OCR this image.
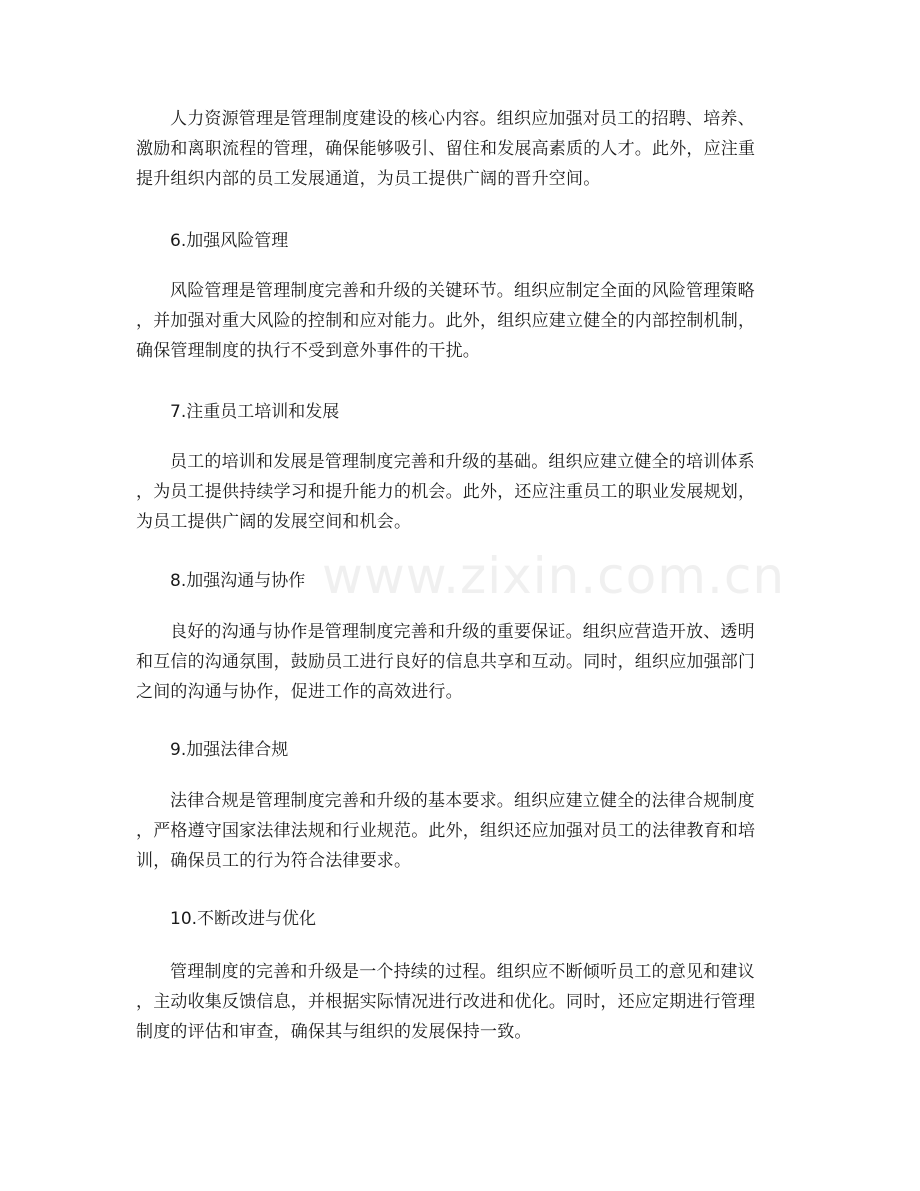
人力资源管理是管理制度建设的核心内容。组织应加强对员工的招聘、培养、
激励和离职流程的管理，确保能够吸引、留住和发展高素质的人才。此外，应注重
提升组织内部的员工发展通道，为员工提供广阔的晋升空间。

6.加强风险管理

风险管理是管理制度完善和升级的关键环节。组织应制定全面的风险管理策略
，并加强对重大风险的控制和应对能力。此外，组织应建立健全的内部控制机制，
确保管理制度的执行不受到意外事件的干扰。

7.注重员工培训和发展

员工的培训和发展是管理制度完善和升级的基础。组织应建立健全的培训体系
，为员工提供持续学习和提升能力的机会。此外，还应注重员工的职业发展规划，
为员工提供广阔的发展空间和机会。

8.加强沟通与协作

良好的沟通与协作是管理制度完善和升级的重要保证。组织应营造开放、透明
和互信的沟通氛围，鼓励员工进行良好的信息共享和互动。同时，组织应加强部门
之间的沟通与协作，促进工作的高效进行。

9.加强法律合规

法律合规是管理制度完善和升级的基本要求。组织应建立健全的法律合规制度
，严格遵守国家法律法规和行业规范。此外，组织还应加强对员工的法律教育和培
训，确保员工的行为符合法律要求。

10.不断改进与优化

管理制度的完善和升级是一个持续的过程。组织应不断倾听员工的意见和建议
，主动收集反馈信息，并根据实际情况进行改进和优化。同时，还应定期进行管理
制度的评估和审查，确保其与组织的发展保持一致。

www.zixin.com.cn
